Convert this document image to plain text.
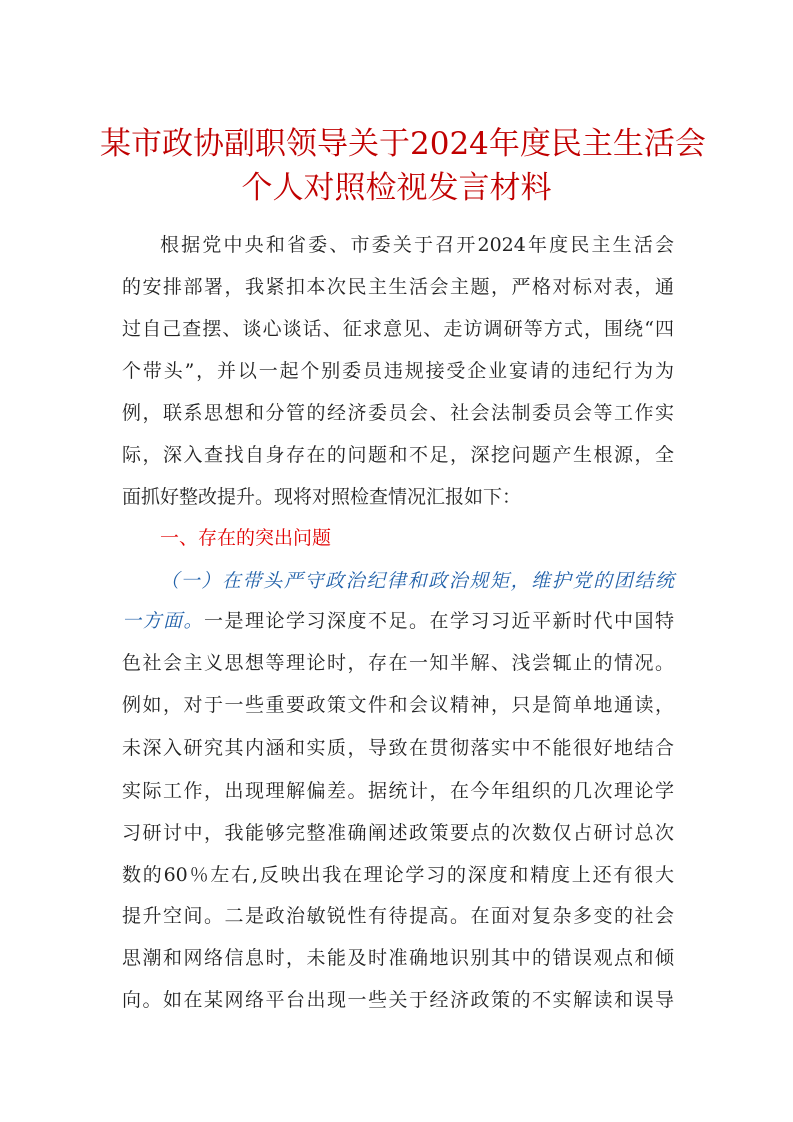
某市政协副职领导关于2024年度民主生活会
个人对照检视发言材料
根据党中央和省委、市委关于召开2024年度民主生活会
的安排部署，我紧扣本次民主生活会主题，严格对标对表，通
过自己查摆、谈心谈话、征求意见、走访调研等方式，围绕“四
个带头”，并以一起个别委员违规接受企业宴请的违纪行为为
例，联系思想和分管的经济委员会、社会法制委员会等工作实
际，深入查找自身存在的问题和不足，深挖问题产生根源，全
面抓好整改提升。现将对照检查情况汇报如下：
一、存在的突出问题
（一）在带头严守政治纪律和政治规矩，维护党的团结统
一方面。一是理论学习深度不足。在学习习近平新时代中国特
色社会主义思想等理论时，存在一知半解、浅尝辄止的情况。
例如，对于一些重要政策文件和会议精神，只是简单地通读，
未深入研究其内涵和实质，导致在贯彻落实中不能很好地结合
实际工作，出现理解偏差。据统计，在今年组织的几次理论学
习研讨中，我能够完整准确阐述政策要点的次数仅占研讨总次
数的60％左右,反映出我在理论学习的深度和精度上还有很大
提升空间。二是政治敏锐性有待提高。在面对复杂多变的社会
思潮和网络信息时，未能及时准确地识别其中的错误观点和倾
向。如在某网络平台出现一些关于经济政策的不实解读和误导
